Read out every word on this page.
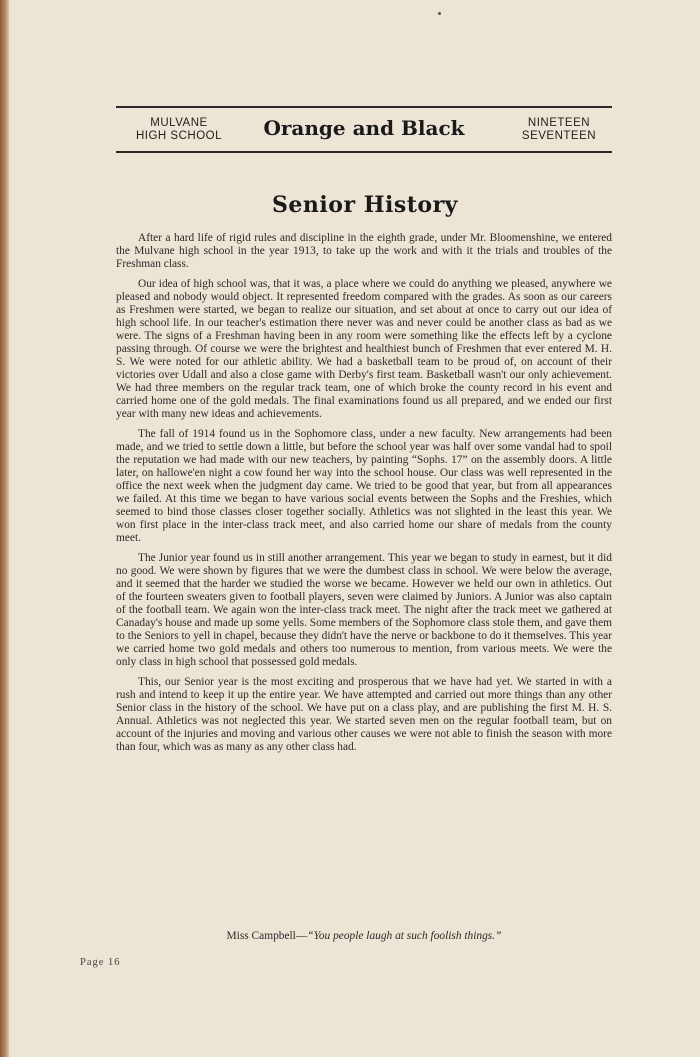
MULVANE
HIGH SCHOOL	Orange and Black	NINETEEN
SEVENTEEN
Senior History

After a hard life of rigid rules and discipline in the eighth grade, under Mr. Bloomenshine, we entered the Mulvane high school in the year 1913, to take up the work and with it the trials and troubles of the Freshman class.

Our idea of high school was, that it was, a place where we could do anything we pleased, anywhere we pleased and nobody would object. It represented freedom compared with the grades. As soon as our careers as Freshmen were started, we began to realize our situation, and set about at once to carry out our idea of high school life. In our teacher's estimation there never was and never could be another class as bad as we were. The signs of a Freshman having been in any room were something like the effects left by a cyclone passing through. Of course we were the brightest and healthiest bunch of Freshmen that ever entered M. H. S. We were noted for our athletic ability. We had a basketball team to be proud of, on account of their victories over Udall and also a close game with Derby's first team. Basketball wasn't our only achievement. We had three members on the regular track team, one of which broke the county record in his event and carried home one of the gold medals. The final examinations found us all prepared, and we ended our first year with many new ideas and achievements.

The fall of 1914 found us in the Sophomore class, under a new faculty. New arrangements had been made, and we tried to settle down a little, but before the school year was half over some vandal had to spoil the reputation we had made with our new teachers, by painting “Sophs. 17” on the assembly doors. A little later, on hallowe'en night a cow found her way into the school house. Our class was well represented in the office the next week when the judgment day came. We tried to be good that year, but from all appearances we failed. At this time we began to have various social events between the Sophs and the Freshies, which seemed to bind those classes closer together socially. Athletics was not slighted in the least this year. We won first place in the inter-class track meet, and also carried home our share of medals from the county meet.

The Junior year found us in still another arrangement. This year we began to study in earnest, but it did no good. We were shown by figures that we were the dumbest class in school. We were below the average, and it seemed that the harder we studied the worse we became. However we held our own in athletics. Out of the fourteen sweaters given to football players, seven were claimed by Juniors. A Junior was also captain of the football team. We again won the inter-class track meet. The night after the track meet we gathered at Canaday's house and made up some yells. Some members of the Sophomore class stole them, and gave them to the Seniors to yell in chapel, because they didn't have the nerve or backbone to do it themselves. This year we carried home two gold medals and others too numerous to mention, from various meets. We were the only class in high school that possessed gold medals.

This, our Senior year is the most exciting and prosperous that we have had yet. We started in with a rush and intend to keep it up the entire year. We have attempted and carried out more things than any other Senior class in the history of the school. We have put on a class play, and are publishing the first M. H. S. Annual. Athletics was not neglected this year. We started seven men on the regular football team, but on account of the injuries and moving and various other causes we were not able to finish the season with more than four, which was as many as any other class had.

Miss Campbell—“You people laugh at such foolish things.”
Page 16
